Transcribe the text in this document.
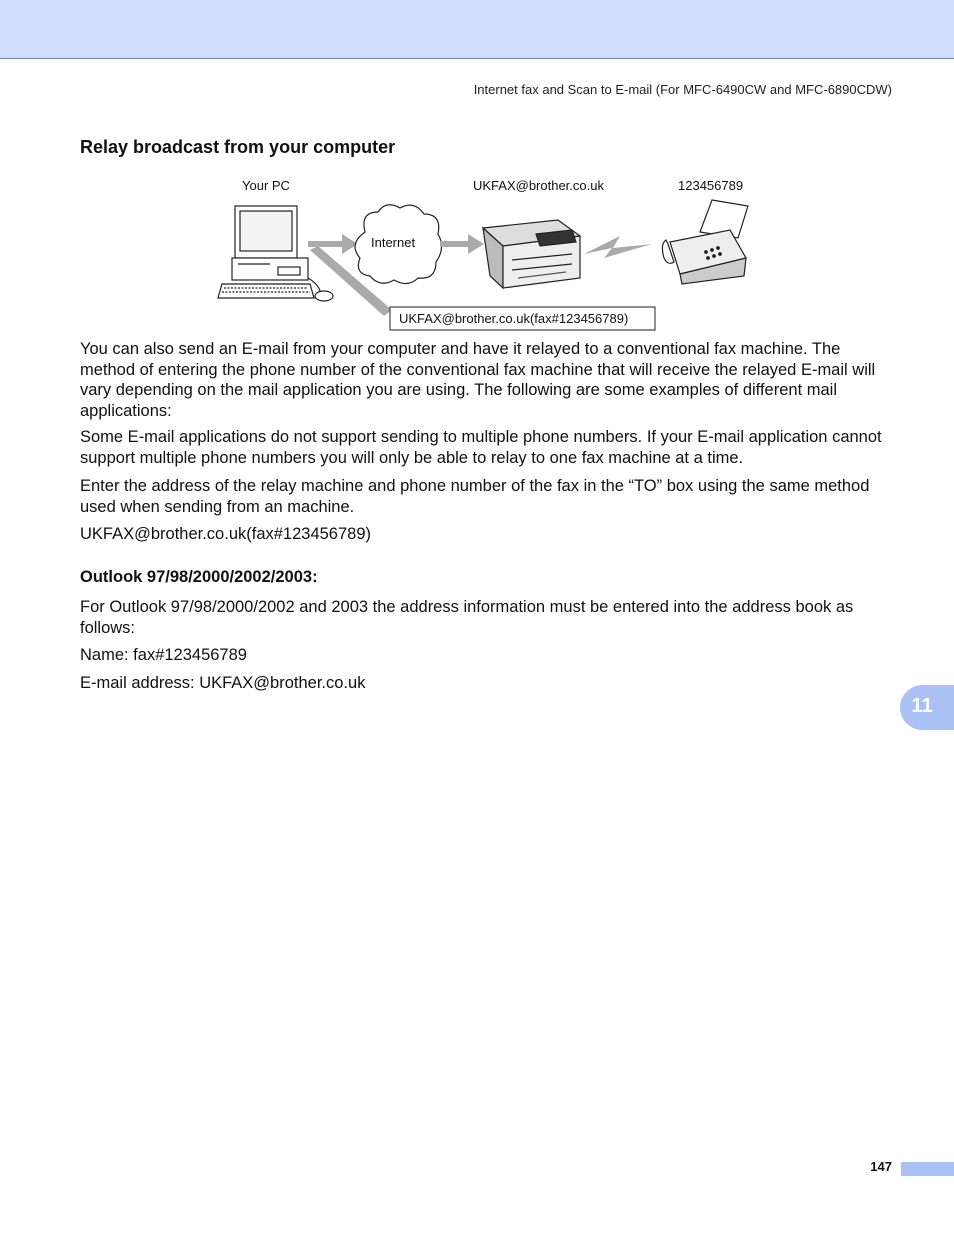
Internet fax and Scan to E-mail (For MFC-6490CW and MFC-6890CDW)
Relay broadcast from your computer
Your PC	UKFAX@brother.co.uk	123456789
Internet
UKFAX@brother.co.uk(fax#123456789)

You can also send an E-mail from your computer and have it relayed to a conventional fax machine. The method of entering the phone number of the conventional fax machine that will receive the relayed E-mail will vary depending on the mail application you are using. The following are some examples of different mail applications:

Some E-mail applications do not support sending to multiple phone numbers. If your E-mail application cannot support multiple phone numbers you will only be able to relay to one fax machine at a time.

Enter the address of the relay machine and phone number of the fax in the “TO” box using the same method used when sending from an machine.

UKFAX@brother.co.uk(fax#123456789)

Outlook 97/98/2000/2002/2003:

For Outlook 97/98/2000/2002 and 2003 the address information must be entered into the address book as follows:

Name: fax#123456789

E-mail address: UKFAX@brother.co.uk

11
147
